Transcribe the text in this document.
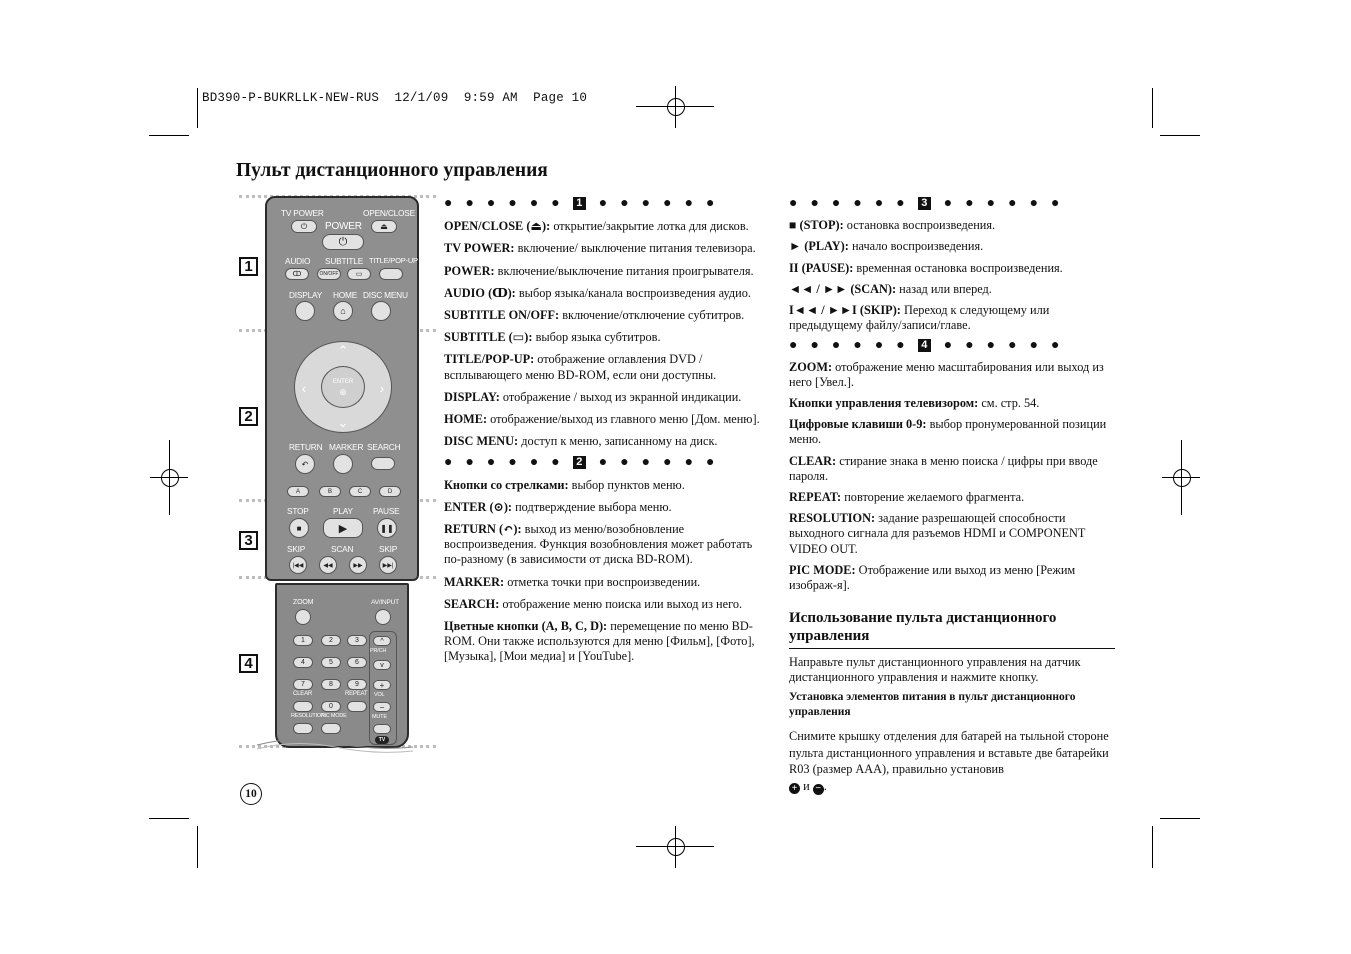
BD390-P-BUKRLLK-NEW-RUS  12/1/09  9:59 AM  Page 10
Пульт дистанционного управления
1
2
3
4
TV POWER	OPEN/CLOSE
⏻	⏏
POWER
⏻
AUDIO SUBTITLE TITLE/POP-UP
ↀ	ON/OFF	▭
DISPLAY HOME DISC MENU
⌂
⌃
⌄
‹	›
ENTER
⊕
RETURN MARKER SEARCH
↶
A	B	C	D
STOP	PLAY PAUSE
■	▶	❚❚
SKIP	SCAN	SKIP
|◀◀	◀◀	▶▶	▶▶|
ZOOM	AV/INPUT
1	2	3
4	5	6
7	8	9
CLEAR	REPEAT
0
RESOLUTION
PIC MODE
^
PR/CH
v
+
VOL
−
MUTE
TV
●●●●●● 1 ●●●●●●

OPEN/CLOSE (⏏): открытие/закрытие лотка для дисков.

TV POWER: включение/ выключение питания телевизора.

POWER: включение/выключение питания проигрывателя.

AUDIO (ↀ): выбор языка/канала воспроизведения аудио.

SUBTITLE ON/OFF: включение/отключение субтитров.

SUBTITLE (▭): выбор языка субтитров.

TITLE/POP-UP: отображение оглавления DVD / всплывающего меню BD-ROM, если они доступны.

DISPLAY: отображение / выход из экранной индикации.

HOME: отображение/выход из главного меню [Дом. меню].

DISC MENU: доступ к меню, записанному на диск.

●●●●●● 2 ●●●●●●

Кнопки со стрелками: выбор пунктов меню.

ENTER (⊙): подтверждение выбора меню.

RETURN (↶): выход из меню/возобновление воспроизведения. Функция возобновления может работать по-разному (в зависимости от диска BD-ROM).

MARKER: отметка точки при воспроизведении.

SEARCH: отображение меню поиска или выход из него.

Цветные кнопки (A, B, C, D): перемещение по меню BD-ROM. Они также используются для меню [Фильм], [Фото], [Музыка], [Мои медиа] и [YouTube].

●●●●●● 3 ●●●●●●

■ (STOP): остановка воспроизведения.

► (PLAY): начало воспроизведения.

II (PAUSE): временная остановка воспроизведения.

◄◄ / ►► (SCAN): назад или вперед.

I◄◄ / ►►I (SKIP): Переход к следующему или предыдущему файлу/записи/главе.

●●●●●● 4 ●●●●●●

ZOOM: отображение меню масштабирования или выход из него [Увел.].

Кнопки управления телевизором: см. стр. 54.

Цифровые клавиши 0-9: выбор пронумерованной позиции меню.

CLEAR: стирание знака в меню поиска / цифры при вводе пароля.

REPEAT: повторение желаемого фрагмента.

RESOLUTION: задание разрешающей способности выходного сигнала для разъемов HDMI и COMPONENT VIDEO OUT.

PIC MODE: Отображение или выход из меню [Режим изображ-я].

Использование пульта дистанционного управления

Направьте пульт дистанционного управления на датчик дистанционного управления и нажмите кнопку.

Установка элементов питания в пульт дистанционного управления

Снимите крышку отделения для батарей на тыльной стороне пульта дистанционного управления и вставьте две батарейки R03 (размер AAA), правильно установив
+ и − .

10
